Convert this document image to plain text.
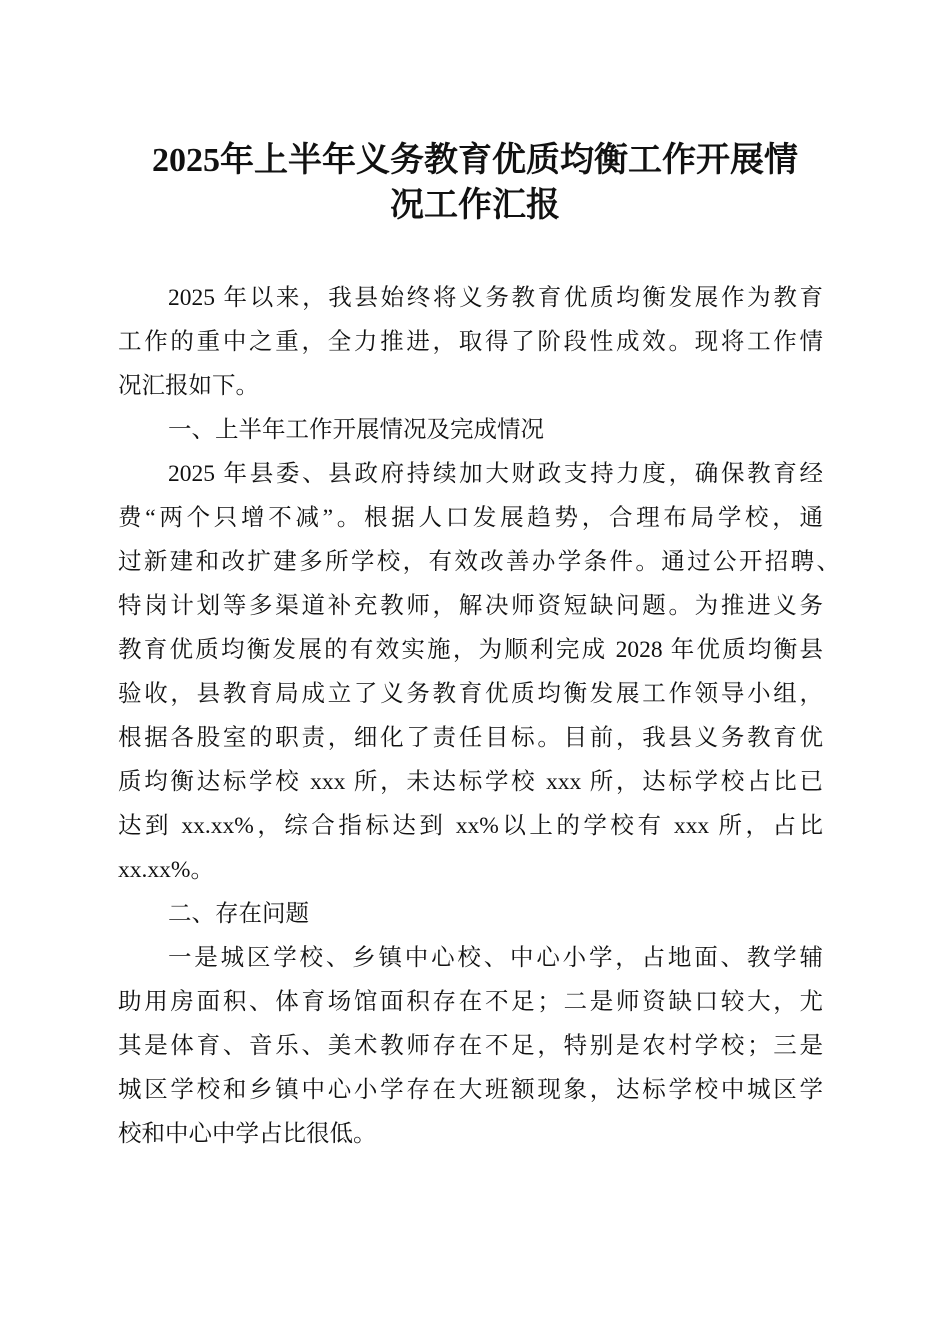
2025年上半年义务教育优质均衡工作开展情
况工作汇报
2025 年以来，我县始终将义务教育优质均衡发展作为教育
工作的重中之重，全力推进，取得了阶段性成效。现将工作情
况汇报如下。
一、上半年工作开展情况及完成情况
2025 年县委、县政府持续加大财政支持力度，确保教育经
费“两个只增不减”。根据人口发展趋势，合理布局学校，通
过新建和改扩建多所学校，有效改善办学条件。通过公开招聘、
特岗计划等多渠道补充教师，解决师资短缺问题。为推进义务
教育优质均衡发展的有效实施，为顺利完成 2028 年优质均衡县
验收，县教育局成立了义务教育优质均衡发展工作领导小组，
根据各股室的职责，细化了责任目标。目前，我县义务教育优
质均衡达标学校 xxx 所，未达标学校 xxx 所，达标学校占比已
达到 xx.xx%，综合指标达到 xx%以上的学校有 xxx 所，占比
xx.xx%。
二、存在问题
一是城区学校、乡镇中心校、中心小学，占地面、教学辅
助用房面积、体育场馆面积存在不足；二是师资缺口较大，尤
其是体育、音乐、美术教师存在不足，特别是农村学校；三是
城区学校和乡镇中心小学存在大班额现象，达标学校中城区学
校和中心中学占比很低。
